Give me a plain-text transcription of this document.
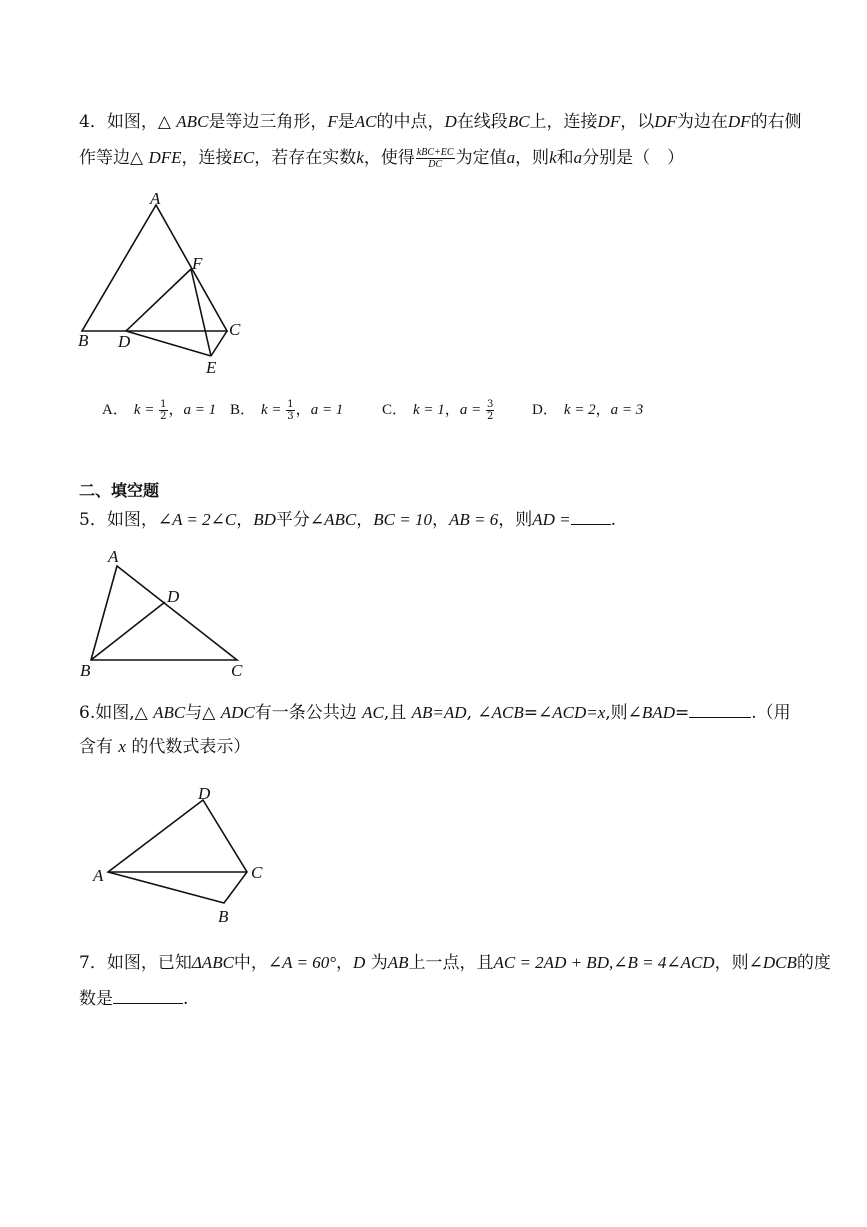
4．如图，△ ABC是等边三角形，F是AC的中点，D在线段BC上，连接DF，以DF为边在DF的右侧
作等边△ DFE，连接EC，若存在实数k，使得 $\frac{\text{kBC+EC}}{DC}$ 为定值a，则k和a分别是（　）
A
F
B D
C
E
A． $k = \frac{1}{2}$ ，a = 1 B． $k = \frac{1}{3}$ ，a = 1	C． k = 1，$a = \frac{3}{2}$	D． k = 2，a = 3
二、填空题
5．如图，∠A = 2∠C，BD平分∠ABC，BC = 10，AB = 6，则AD = .
A
D
B	C
6.如图,△ ABC与△ ADC有一条公共边 AC,且 AB=AD, ∠ACB=∠ACD=x,则∠BAD=	.（用
含有 x 的代数式表示）
D
A	C
B
7．如图，已知ΔABC中，∠A = 60°，D 为AB上一点，且AC = 2AD + BD,∠B = 4∠ACD，则∠DCB的度
数是	.
